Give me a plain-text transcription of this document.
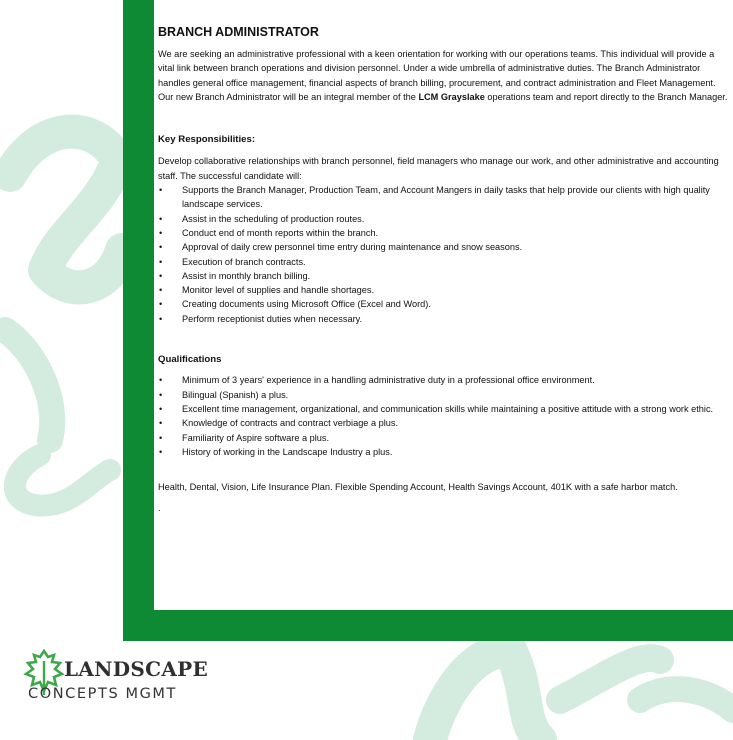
BRANCH ADMINISTRATOR

We are seeking an administrative professional with a keen orientation for working with our operations teams. This individual will provide a vital link between branch operations and division personnel. Under a wide umbrella of administrative duties. The Branch Administrator handles general office management, financial aspects of branch billing, procurement, and contract administration and Fleet Management. Our new Branch Administrator will be an integral member of the LCM Grayslake operations team and report directly to the Branch Manager.

Key Responsibilities:

Develop collaborative relationships with branch personnel, field managers who manage our work, and other administrative and accounting staff. The successful candidate will:

• Supports the Branch Manager, Production Team, and Account Mangers in daily tasks that help provide our clients with high quality landscape services.
• Assist in the scheduling of production routes.
• Conduct end of month reports within the branch.
• Approval of daily crew personnel time entry during maintenance and snow seasons.
• Execution of branch contracts.
• Assist in monthly branch billing.
• Monitor level of supplies and handle shortages.
• Creating documents using Microsoft Office (Excel and Word).
• Perform receptionist duties when necessary.
Qualifications
• Minimum of 3 years' experience in a handling administrative duty in a professional office environment.
• Bilingual (Spanish) a plus.
• Excellent time management, organizational, and communication skills while maintaining a positive attitude with a strong work ethic.
• Knowledge of contracts and contract verbiage a plus.
• Familiarity of Aspire software a plus.
• History of working in the Landscape Industry a plus.

Health, Dental, Vision, Life Insurance Plan. Flexible Spending Account, Health Savings Account, 401K with a safe harbor match.

.

LANDSCAPE
CONCEPTS MGMT
